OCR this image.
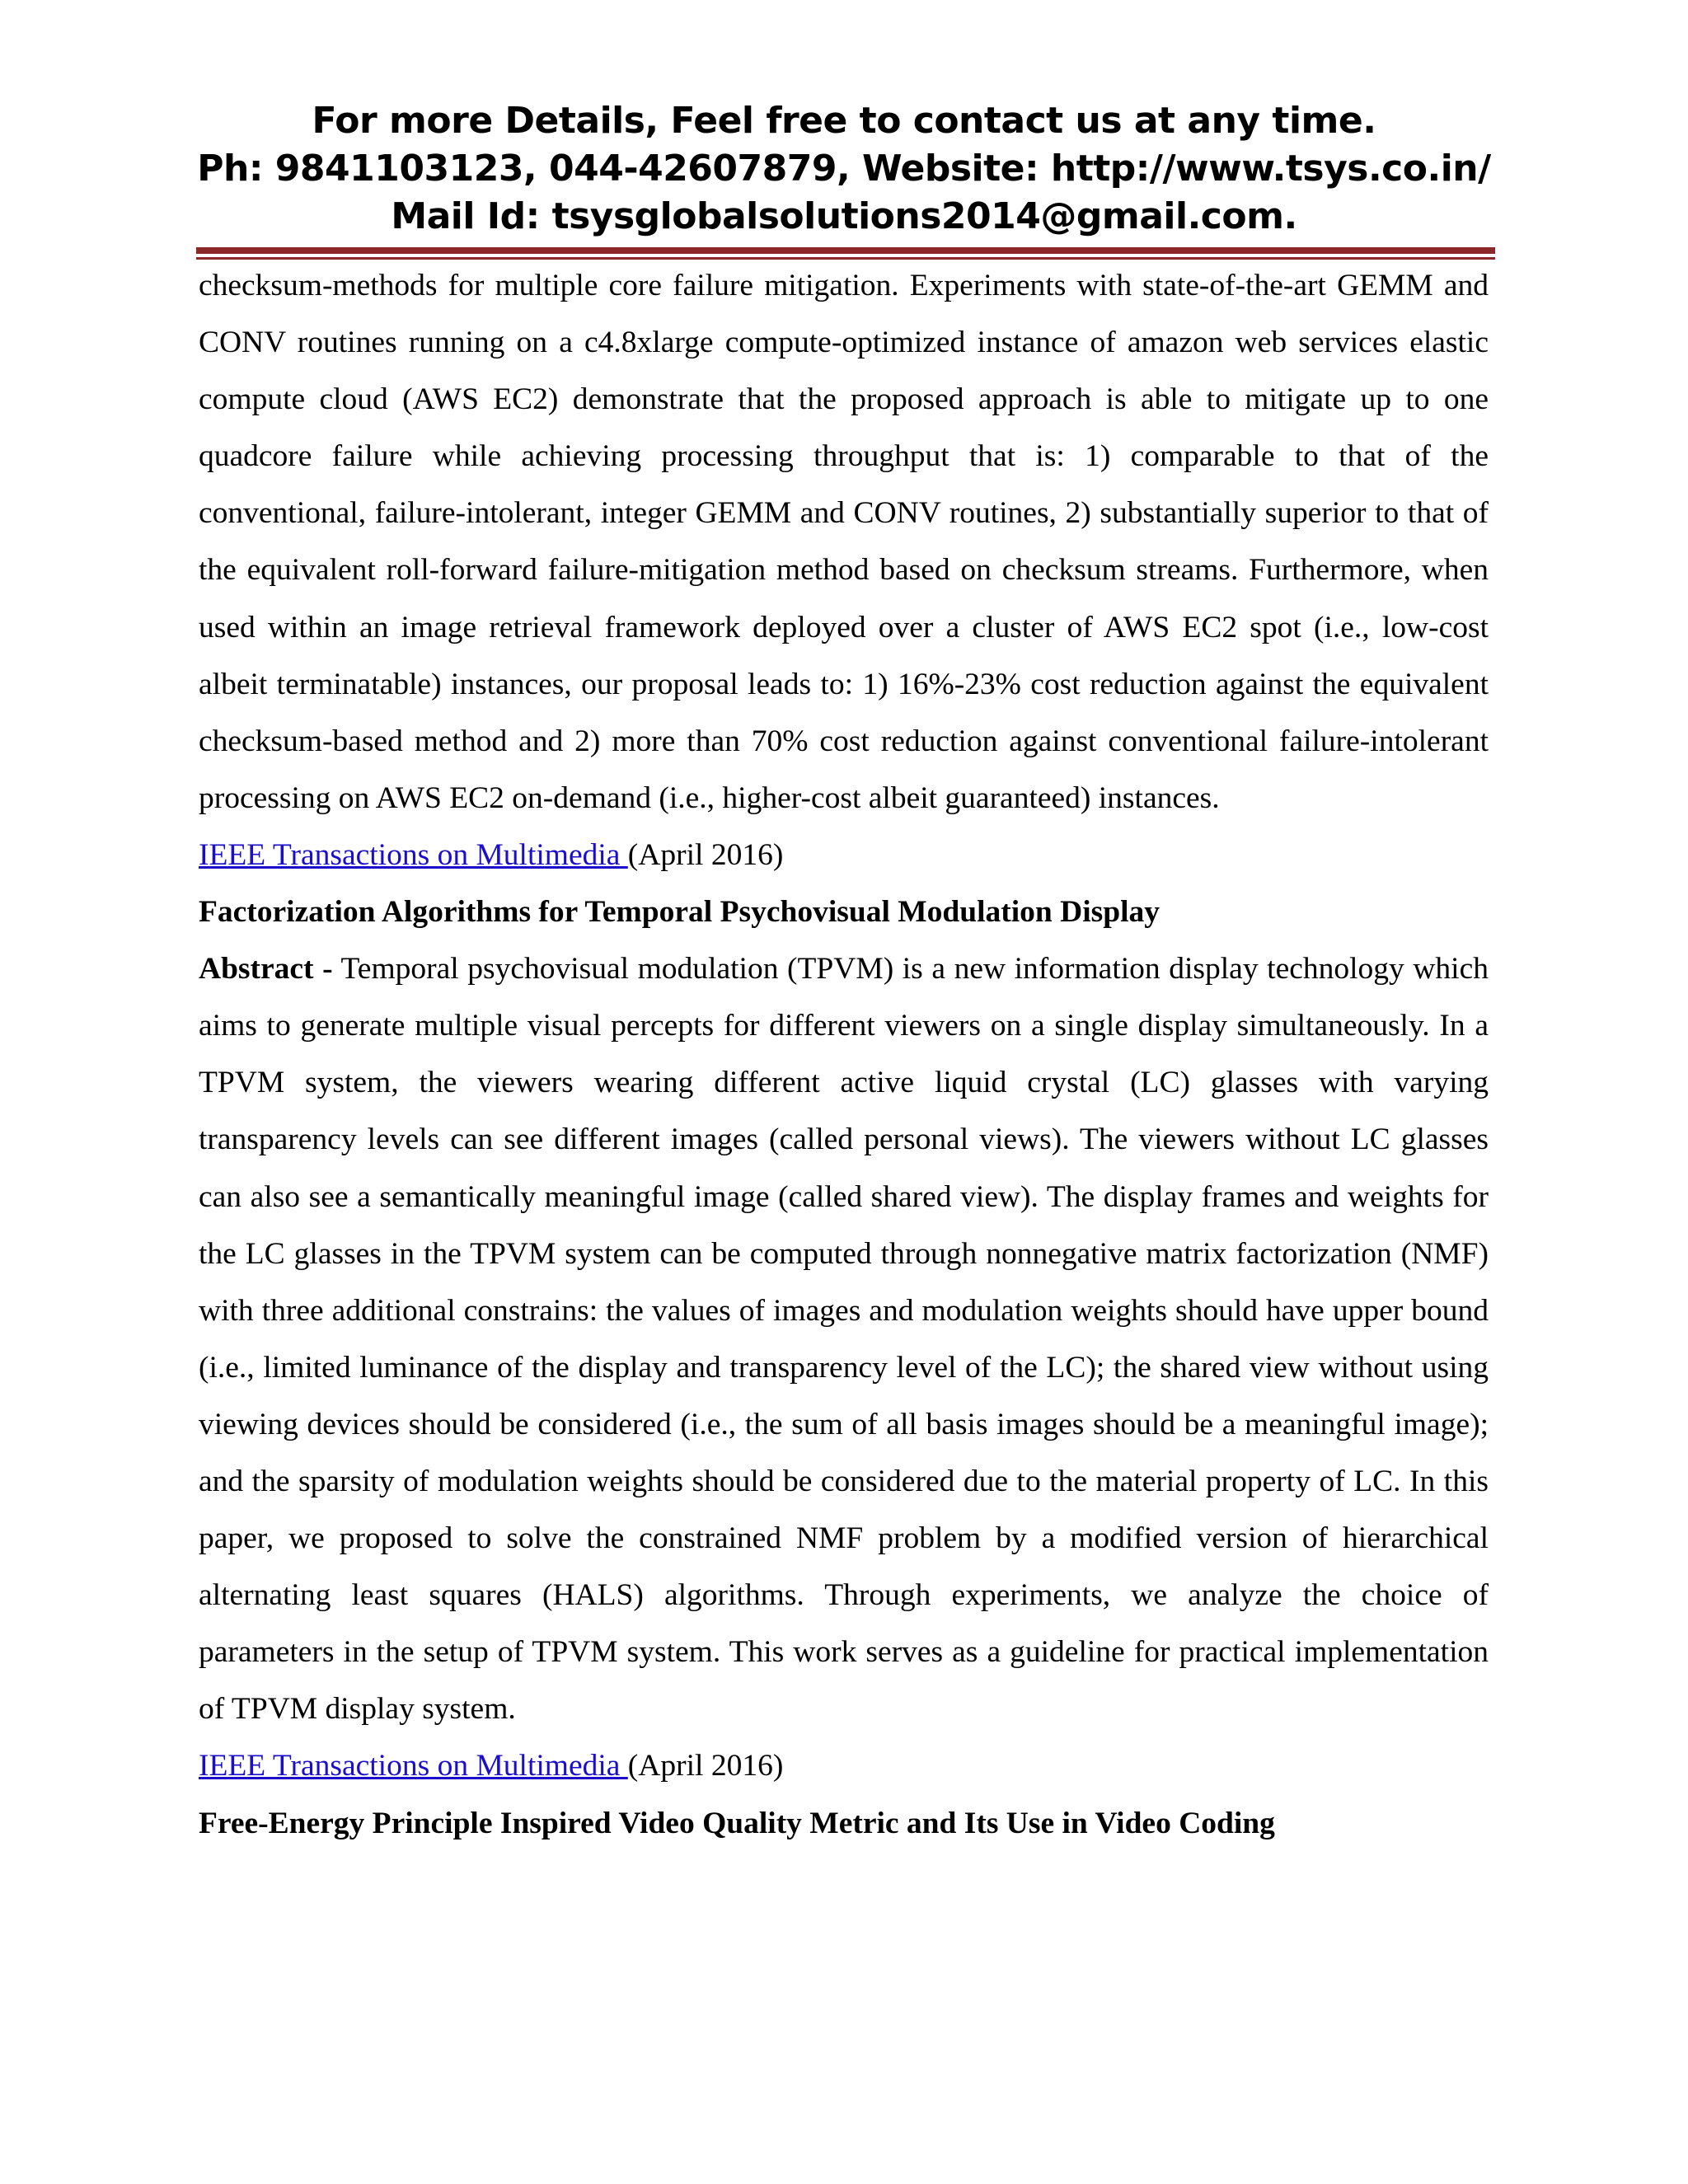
For more Details, Feel free to contact us at any time.
Ph: 9841103123, 044-42607879, Website: http://www.tsys.co.in/
Mail Id: tsysglobalsolutions2014@gmail.com.

checksum-methods for multiple core failure mitigation. Experiments with state-of-the-art GEMM and CONV routines running on a c4.8xlarge compute-optimized instance of amazon web services elastic compute cloud (AWS EC2) demonstrate that the proposed approach is able to mitigate up to one quadcore failure while achieving processing throughput that is: 1) comparable to that of the conventional, failure-intolerant, integer GEMM and CONV routines, 2) substantially superior to that of the equivalent roll-forward failure-mitigation method based on checksum streams. Furthermore, when used within an image retrieval framework deployed over a cluster of AWS EC2 spot (i.e., low-cost albeit terminatable) instances, our proposal leads to: 1) 16%-23% cost reduction against the equivalent checksum-based method and 2) more than 70% cost reduction against conventional failure-intolerant processing on AWS EC2 on-demand (i.e., higher-cost albeit guaranteed) instances.

IEEE Transactions on Multimedia (April 2016)

Factorization Algorithms for Temporal Psychovisual Modulation Display

Abstract - Temporal psychovisual modulation (TPVM) is a new information display technology which aims to generate multiple visual percepts for different viewers on a single display simultaneously. In a TPVM system, the viewers wearing different active liquid crystal (LC) glasses with varying transparency levels can see different images (called personal views). The viewers without LC glasses can also see a semantically meaningful image (called shared view). The display frames and weights for the LC glasses in the TPVM system can be computed through nonnegative matrix factorization (NMF) with three additional constrains: the values of images and modulation weights should have upper bound (i.e., limited luminance of the display and transparency level of the LC); the shared view without using viewing devices should be considered (i.e., the sum of all basis images should be a meaningful image); and the sparsity of modulation weights should be considered due to the material property of LC. In this paper, we proposed to solve the constrained NMF problem by a modified version of hierarchical alternating least squares (HALS) algorithms. Through experiments, we analyze the choice of parameters in the setup of TPVM system. This work serves as a guideline for practical implementation of TPVM display system.

IEEE Transactions on Multimedia (April 2016)

Free-Energy Principle Inspired Video Quality Metric and Its Use in Video Coding
